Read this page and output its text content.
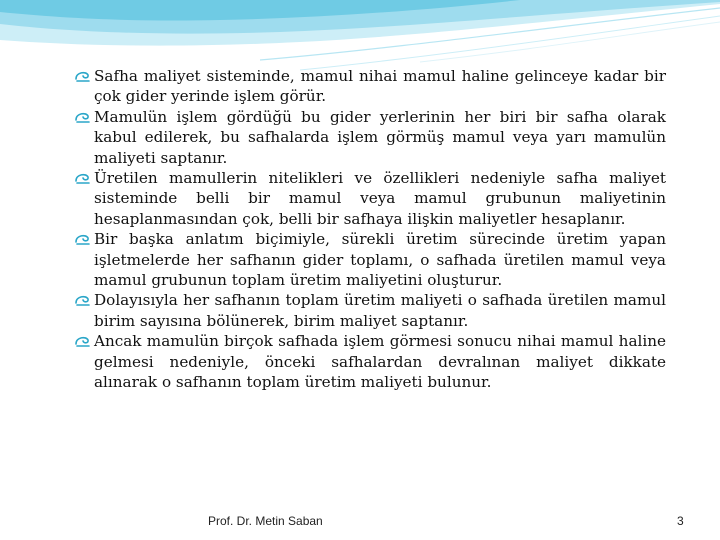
Safha maliyet sisteminde, mamul nihai mamul haline gelinceye kadar bir çok gider yerinde işlem görür.

Mamulün işlem gördüğü bu gider yerlerinin her biri bir safha olarak kabul edilerek, bu safhalarda işlem görmüş mamul veya yarı mamulün maliyeti saptanır.

Üretilen mamullerin nitelikleri ve özellikleri nedeniyle safha maliyet sisteminde belli bir mamul veya mamul grubunun maliyetinin hesaplanmasından çok, belli bir safhaya ilişkin maliyetler hesaplanır.

Bir başka anlatım biçimiyle, sürekli üretim sürecinde üretim yapan işletmelerde her safhanın gider toplamı, o safhada üretilen mamul veya mamul grubunun toplam üretim maliyetini oluşturur.

Dolayısıyla her safhanın toplam üretim maliyeti o safhada üretilen mamul birim sayısına bölünerek, birim maliyet saptanır.

Ancak mamulün birçok safhada işlem görmesi sonucu nihai mamul haline gelmesi nedeniyle, önceki safhalardan devralınan maliyet dikkate alınarak o safhanın toplam üretim maliyeti bulunur.

Prof. Dr. Metin Saban	3
